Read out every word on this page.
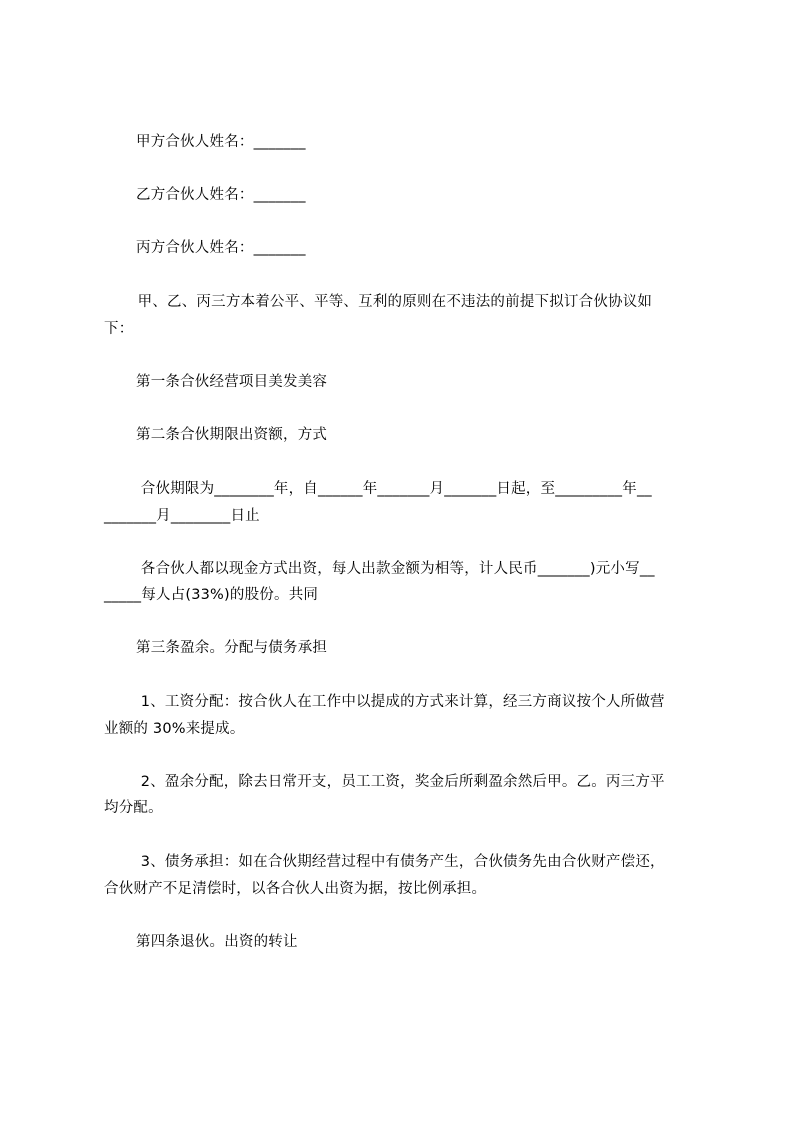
甲方合伙人姓名：_______
乙方合伙人姓名：_______
丙方合伙人姓名：_______
甲、乙、丙三方本着公平、平等、互利的原则在不违法的前提下拟订合伙协议如
下：
第一条合伙经营项目美发美容
第二条合伙期限出资额，方式
合伙期限为________年，自______年_______月_______日起，至_________年__
_______月________日止
各合伙人都以现金方式出资，每人出款金额为相等，计人民币_______)元小写__
_____每人占(33%)的股份。共同
第三条盈余。分配与债务承担
1、工资分配：按合伙人在工作中以提成的方式来计算，经三方商议按个人所做营
业额的 30%来提成。
2、盈余分配，除去日常开支，员工工资，奖金后所剩盈余然后甲。乙。丙三方平
均分配。
3、债务承担：如在合伙期经营过程中有债务产生，合伙债务先由合伙财产偿还，
合伙财产不足清偿时，以各合伙人出资为据，按比例承担。
第四条退伙。出资的转让
